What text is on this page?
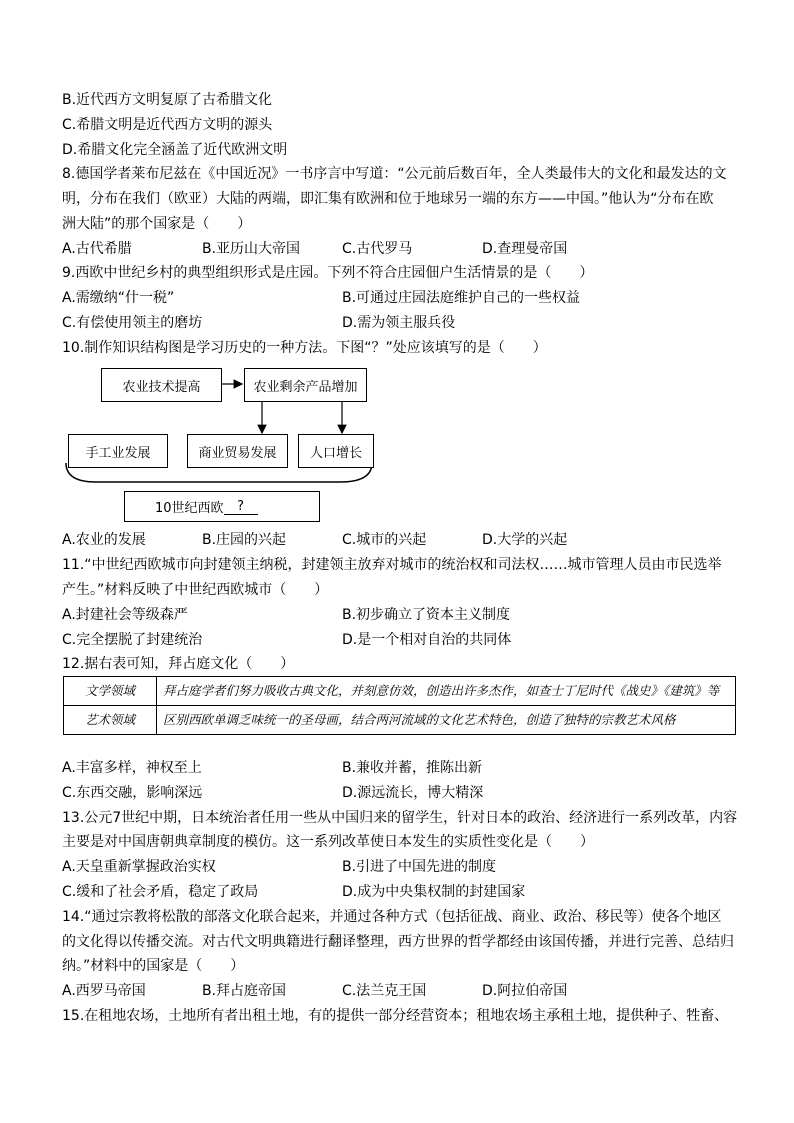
B.近代西方文明复原了古希腊文化
C.希腊文明是近代西方文明的源头
D.希腊文化完全涵盖了近代欧洲文明
8.德国学者莱布尼兹在《中国近况》一书序言中写道：“公元前后数百年，全人类最伟大的文化和最发达的文
明，分布在我们（欧亚）大陆的两端，即汇集有欧洲和位于地球另一端的东方——中国。”他认为“分布在欧
洲大陆”的那个国家是（　　）
A.古代希腊	B.亚历山大帝国	C.古代罗马	D.查理曼帝国
9.西欧中世纪乡村的典型组织形式是庄园。下列不符合庄园佃户生活情景的是（　　）
A.需缴纳“什一税”	B.可通过庄园法庭维护自己的一些权益
C.有偿使用领主的磨坊	D.需为领主服兵役
10.制作知识结构图是学习历史的一种方法。下图“？”处应该填写的是（　　）
农业技术提高	农业剩余产品增加
手工业发展	商业贸易发展	人口增长
10世纪西欧	?
A.农业的发展	B.庄园的兴起	C.城市的兴起	D.大学的兴起
11.“中世纪西欧城市向封建领主纳税，封建领主放弃对城市的统治权和司法权……城市管理人员由市民选举
产生。”材料反映了中世纪西欧城市（　　）
A.封建社会等级森严	B.初步确立了资本主义制度
C.完全摆脱了封建统治	D.是一个相对自治的共同体
12.据右表可知，拜占庭文化（　　）
文学领域	拜占庭学者们努力吸收古典文化，并刻意仿效，创造出许多杰作，如查士丁尼时代《战史》《建筑》等
艺术领域	区别西欧单调乏味统一的圣母画，结合两河流域的文化艺术特色，创造了独特的宗教艺术风格
A.丰富多样，神权至上	B.兼收并蓄，推陈出新
C.东西交融，影响深远	D.源远流长，博大精深
13.公元7世纪中期，日本统治者任用一些从中国归来的留学生，针对日本的政治、经济进行一系列改革，内容
主要是对中国唐朝典章制度的模仿。这一系列改革使日本发生的实质性变化是（　　）
A.天皇重新掌握政治实权	B.引进了中国先进的制度
C.缓和了社会矛盾，稳定了政局	D.成为中央集权制的封建国家
14.“通过宗教将松散的部落文化联合起来，并通过各种方式（包括征战、商业、政治、移民等）使各个地区
的文化得以传播交流。对古代文明典籍进行翻译整理，西方世界的哲学都经由该国传播，并进行完善、总结归
纳。”材料中的国家是（　　）
A.西罗马帝国	B.拜占庭帝国	C.法兰克王国	D.阿拉伯帝国
15.在租地农场，土地所有者出租土地，有的提供一部分经营资本；租地农场主承租土地，提供种子、牲畜、
